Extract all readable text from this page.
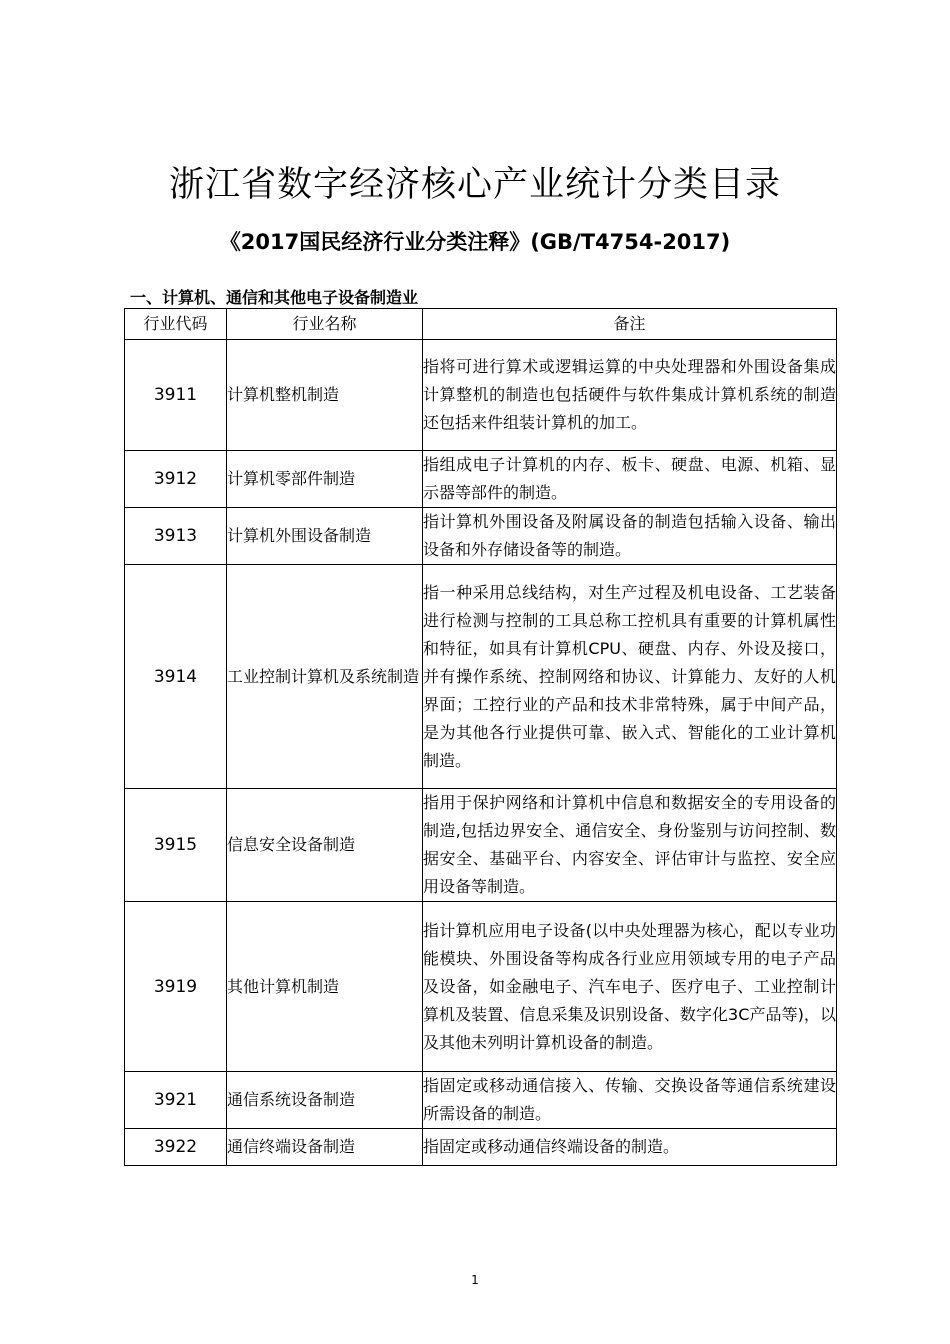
浙江省数字经济核心产业统计分类目录
《2017国民经济行业分类注释》(GB/T4754-2017)
一、计算机、通信和其他电子设备制造业
行业代码	行业名称	备注
3911	计算机整机制造	指将可进行算术或逻辑运算的中央处理器和外围设备集成计算整机的制造也包括硬件与软件集成计算机系统的制造还包括来件组装计算机的加工。
3912	计算机零部件制造	指组成电子计算机的内存、板卡、硬盘、电源、机箱、显示器等部件的制造。
3913	计算机外围设备制造	指计算机外围设备及附属设备的制造包括输入设备、输出设备和外存储设备等的制造。
3914	工业控制计算机及系统制造	指一种采用总线结构，对生产过程及机电设备、工艺装备进行检测与控制的工具总称工控机具有重要的计算机属性和特征，如具有计算机CPU、硬盘、内存、外设及接口，并有操作系统、控制网络和协议、计算能力、友好的人机界面；工控行业的产品和技术非常特殊，属于中间产品，是为其他各行业提供可靠、嵌入式、智能化的工业计算机制造。
3915	信息安全设备制造	指用于保护网络和计算机中信息和数据安全的专用设备的制造,包括边界安全、通信安全、身份鉴别与访问控制、数据安全、基础平台、内容安全、评估审计与监控、安全应用设备等制造。
3919	其他计算机制造	指计算机应用电子设备(以中央处理器为核心，配以专业功能模块、外围设备等构成各行业应用领域专用的电子产品及设备，如金融电子、汽车电子、医疗电子、工业控制计算机及装置、信息采集及识别设备、数字化3C产品等)，以及其他未列明计算机设备的制造。
3921	通信系统设备制造	指固定或移动通信接入、传输、交换设备等通信系统建设所需设备的制造。
3922	通信终端设备制造	指固定或移动通信终端设备的制造。
1
